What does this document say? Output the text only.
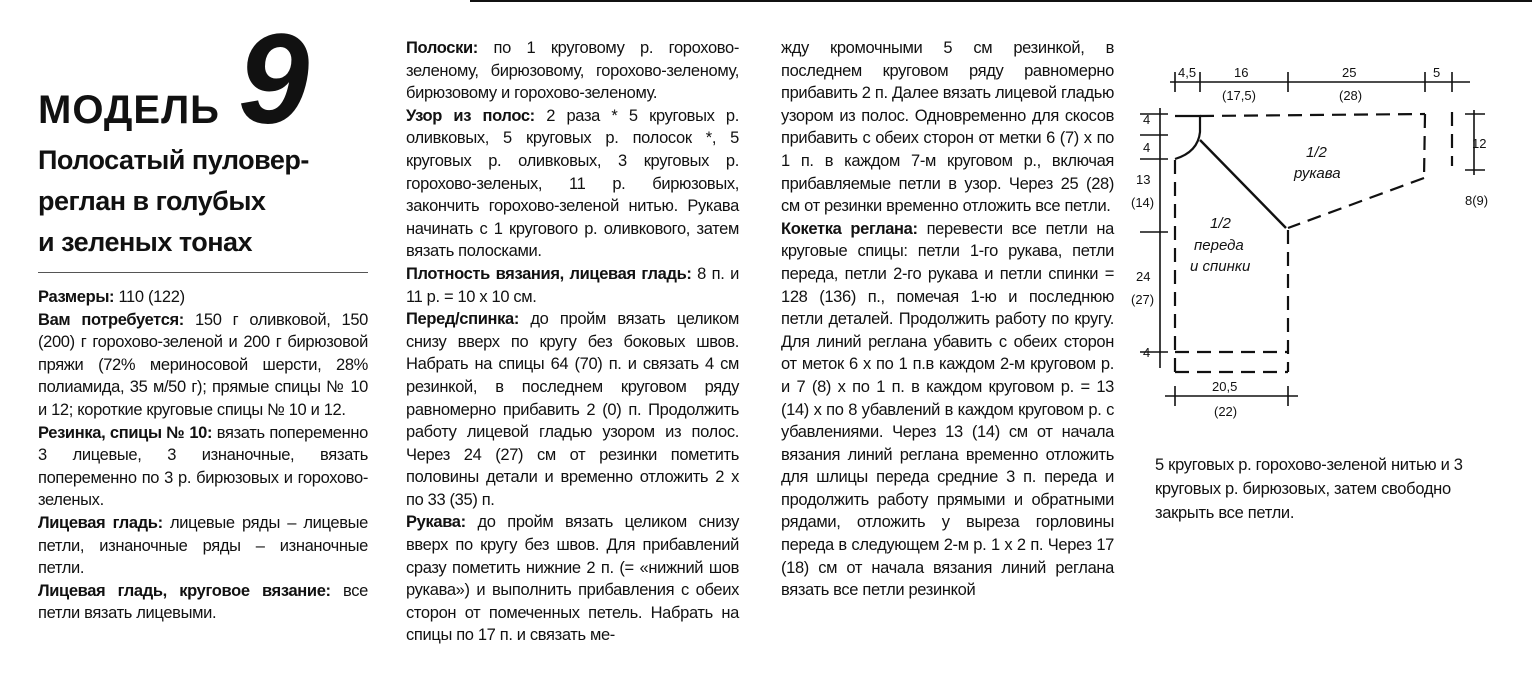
МОДЕЛЬ 9
Полосатый пуловер-
реглан в голубых
и зеленых тонах

Размеры: 110 (122)

Вам потребуется: 150 г оливковой, 150 (200) г горохово-зеленой и 200 г бирюзовой пряжи (72% мериносовой шерсти, 28% полиамида, 35 м/50 г); прямые спицы № 10 и 12; короткие круговые спицы № 10 и 12.

Резинка, спицы № 10: вязать попеременно 3 лицевые, 3 изнаночные, вязать попеременно по 3 р. бирюзовых и горохово-зеленых.

Лицевая гладь: лицевые ряды – лицевые петли, изнаночные ряды – изнаночные петли.

Лицевая гладь, круговое вязание: все петли вязать лицевыми.

Полоски: по 1 круговому р. горохово-зеленому, бирюзовому, горохово-зеленому, бирюзовому и горохово-зеленому.

Узор из полос: 2 раза * 5 круговых р. оливковых, 5 круговых р. полосок *, 5 круговых р. оливковых, 3 круговых р. горохово-зеленых, 11 р. бирюзовых, закончить горохово-зеленой нитью. Рукава начинать с 1 кругового р. оливкового, затем вязать полосками.

Плотность вязания, лицевая гладь: 8 п. и 11 р. = 10 х 10 см.

Перед/спинка: до пройм вязать целиком снизу вверх по кругу без боковых швов. Набрать на спицы 64 (70) п. и связать 4 см резинкой, в последнем круговом ряду равномерно прибавить 2 (0) п. Продолжить работу лицевой гладью узором из полос. Через 24 (27) см от резинки пометить половины детали и временно отложить 2 х по 33 (35) п.

Рукава: до пройм вязать целиком снизу вверх по кругу без швов. Для прибавлений сразу пометить нижние 2 п. (= «нижний шов рукава») и выполнить прибавления с обеих сторон от помеченных петель. Набрать на спицы по 17 п. и связать ме-

жду кромочными 5 см резинкой, в последнем круговом ряду равномерно прибавить 2 п. Далее вязать лицевой гладью узором из полос. Одновременно для скосов прибавить с обеих сторон от метки 6 (7) х по 1 п. в каждом 7-м круговом р., включая прибавляемые петли в узор. Через 25 (28) см от резинки временно отложить все петли.

Кокетка реглана: перевести все петли на круговые спицы: петли 1-го рукава, петли переда, петли 2-го рукава и петли спинки = 128 (136) п., помечая 1-ю и последнюю петли деталей. Продолжить работу по кругу. Для линий реглана убавить с обеих сторон от меток 6 х по 1 п.в каждом 2-м круговом р. и 7 (8) х по 1 п. в каждом круговом р. = 13 (14) х по 8 убавлений в каждом круговом р. с убавлениями. Через 13 (14) см от начала вязания линий реглана временно отложить для шлицы переда средние 3 п. переда и продолжить работу прямыми и обратными рядами, отложить у выреза горловины переда в следующем 2-м р. 1 х 2 п. Через 17 (18) см от начала вязания линий реглана вязать все петли резинкой

4,5	16
(17,5)
25
(28)
5
4
4
13
(14)
24
(27)
4
12
8(9)
20,5
(22)
1/2
рукава
1/2
переда
и спинки
5 круговых р. горохово-зеленой нитью и 3 круговых р. бирюзовых, затем свободно закрыть все петли.
